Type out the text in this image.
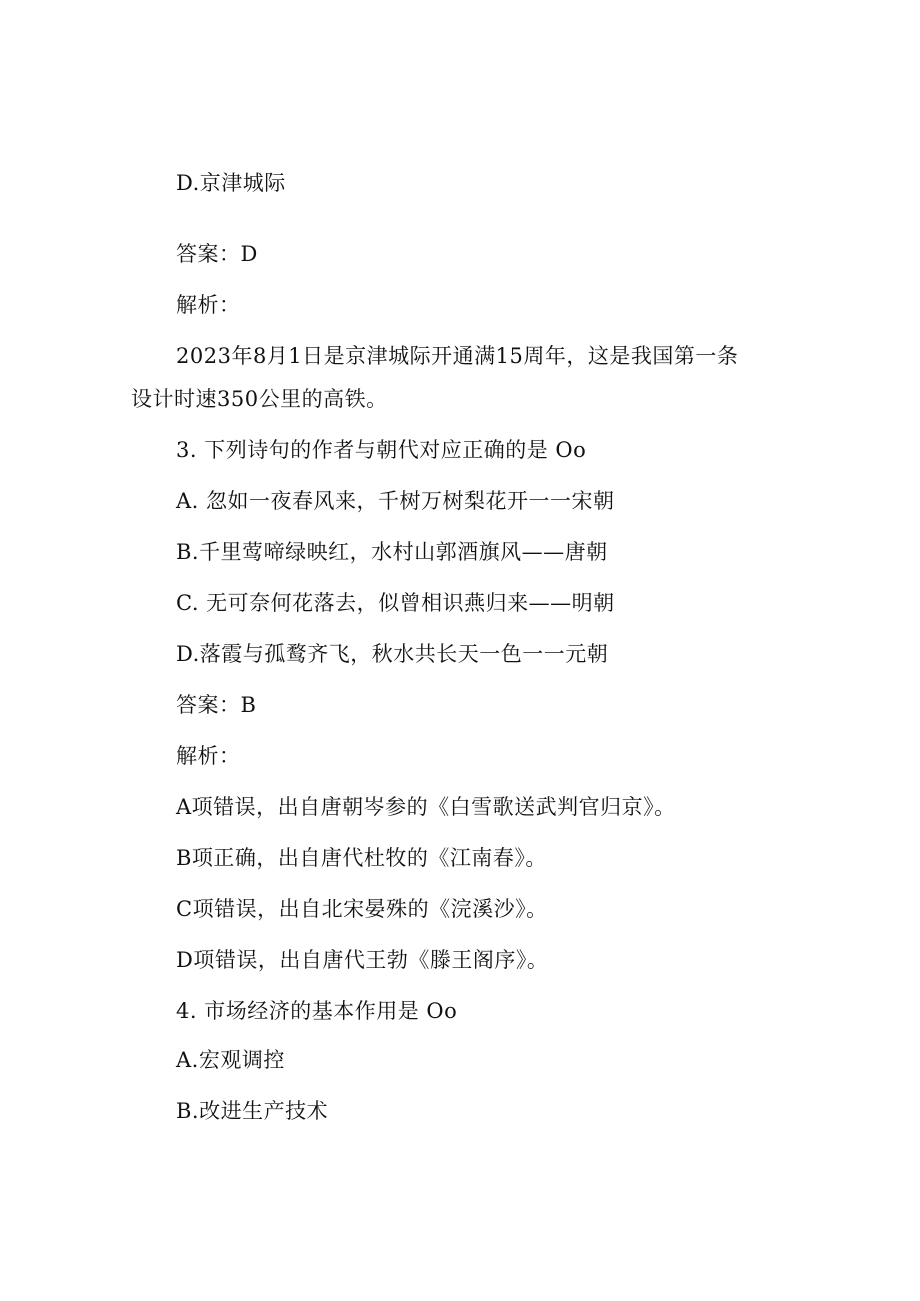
D.京津城际
答案：D
解析：
2023年8月1日是京津城际开通满15周年，这是我国第一条
设计时速350公里的高铁。
3. 下列诗句的作者与朝代对应正确的是 Oo
A. 忽如一夜春风来，千树万树梨花开一一宋朝
B.千里莺啼绿映红，水村山郭酒旗风——唐朝
C. 无可奈何花落去，似曾相识燕归来——明朝
D.落霞与孤鹜齐飞，秋水共长天一色一一元朝
答案：B
解析：
A项错误，出自唐朝岑参的《白雪歌送武判官归京》。
B项正确，出自唐代杜牧的《江南春》。
C项错误，出自北宋晏殊的《浣溪沙》。
D项错误，出自唐代王勃《滕王阁序》。
4. 市场经济的基本作用是 Oo
A.宏观调控
B.改进生产技术
